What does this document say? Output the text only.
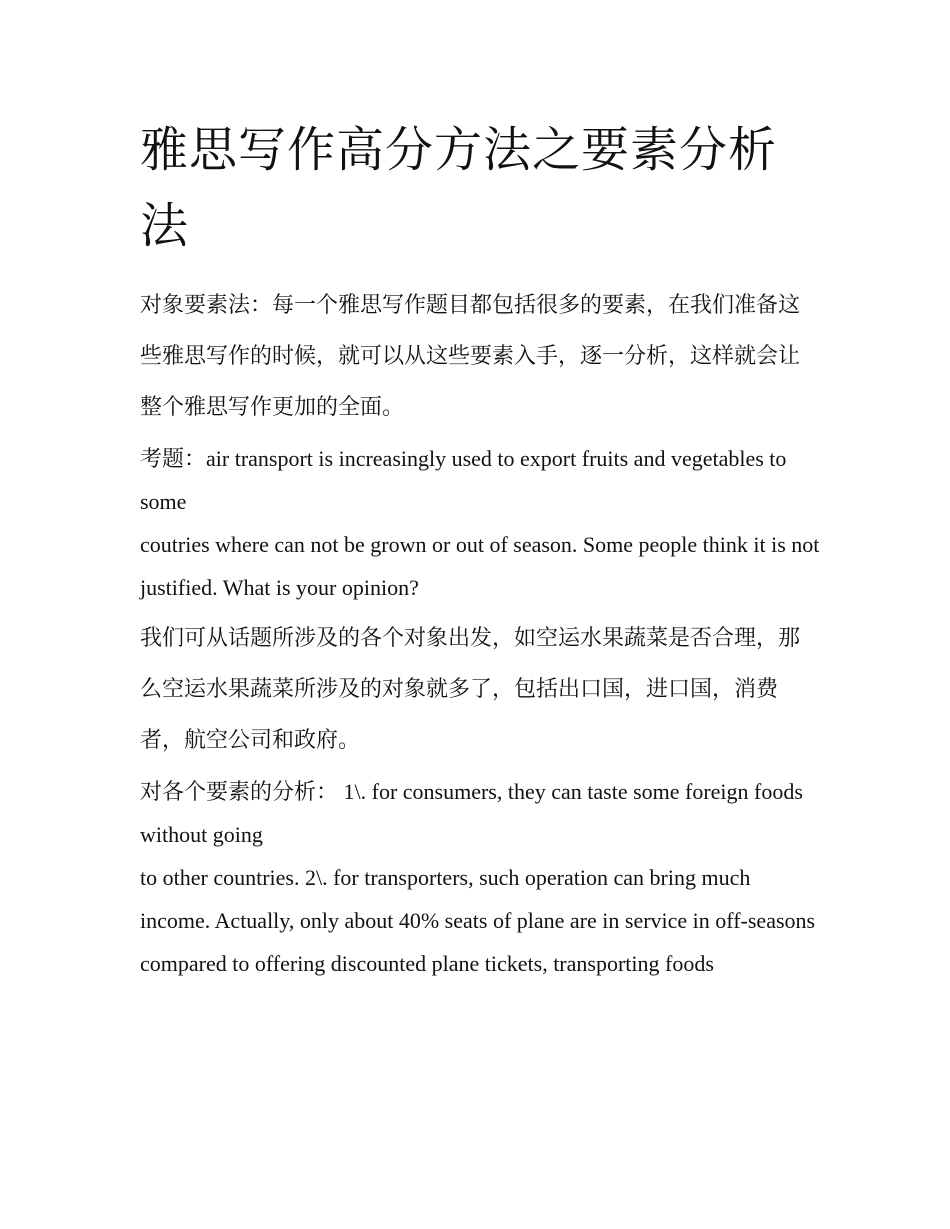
雅思写作高分方法之要素分析法

对象要素法：每一个雅思写作题目都包括很多的要素，在我们准备这些雅思写作的时候，就可以从这些要素入手，逐一分析，这样就会让整个雅思写作更加的全面。

考题：air transport is increasingly used to export fruits and vegetables to some
coutries where can not be grown or out of season. Some people think it is not
justified. What is your opinion?

我们可从话题所涉及的各个对象出发，如空运水果蔬菜是否合理，那么空运水果蔬菜所涉及的对象就多了，包括出口国，进口国，消费者，航空公司和政府。

对各个要素的分析： 1\. for consumers, they can taste some foreign foods without going
to other countries. 2\. for transporters, such operation can bring much
income. Actually, only about 40% seats of plane are in service in off-seasons
compared to offering discounted plane tickets, transporting foods
